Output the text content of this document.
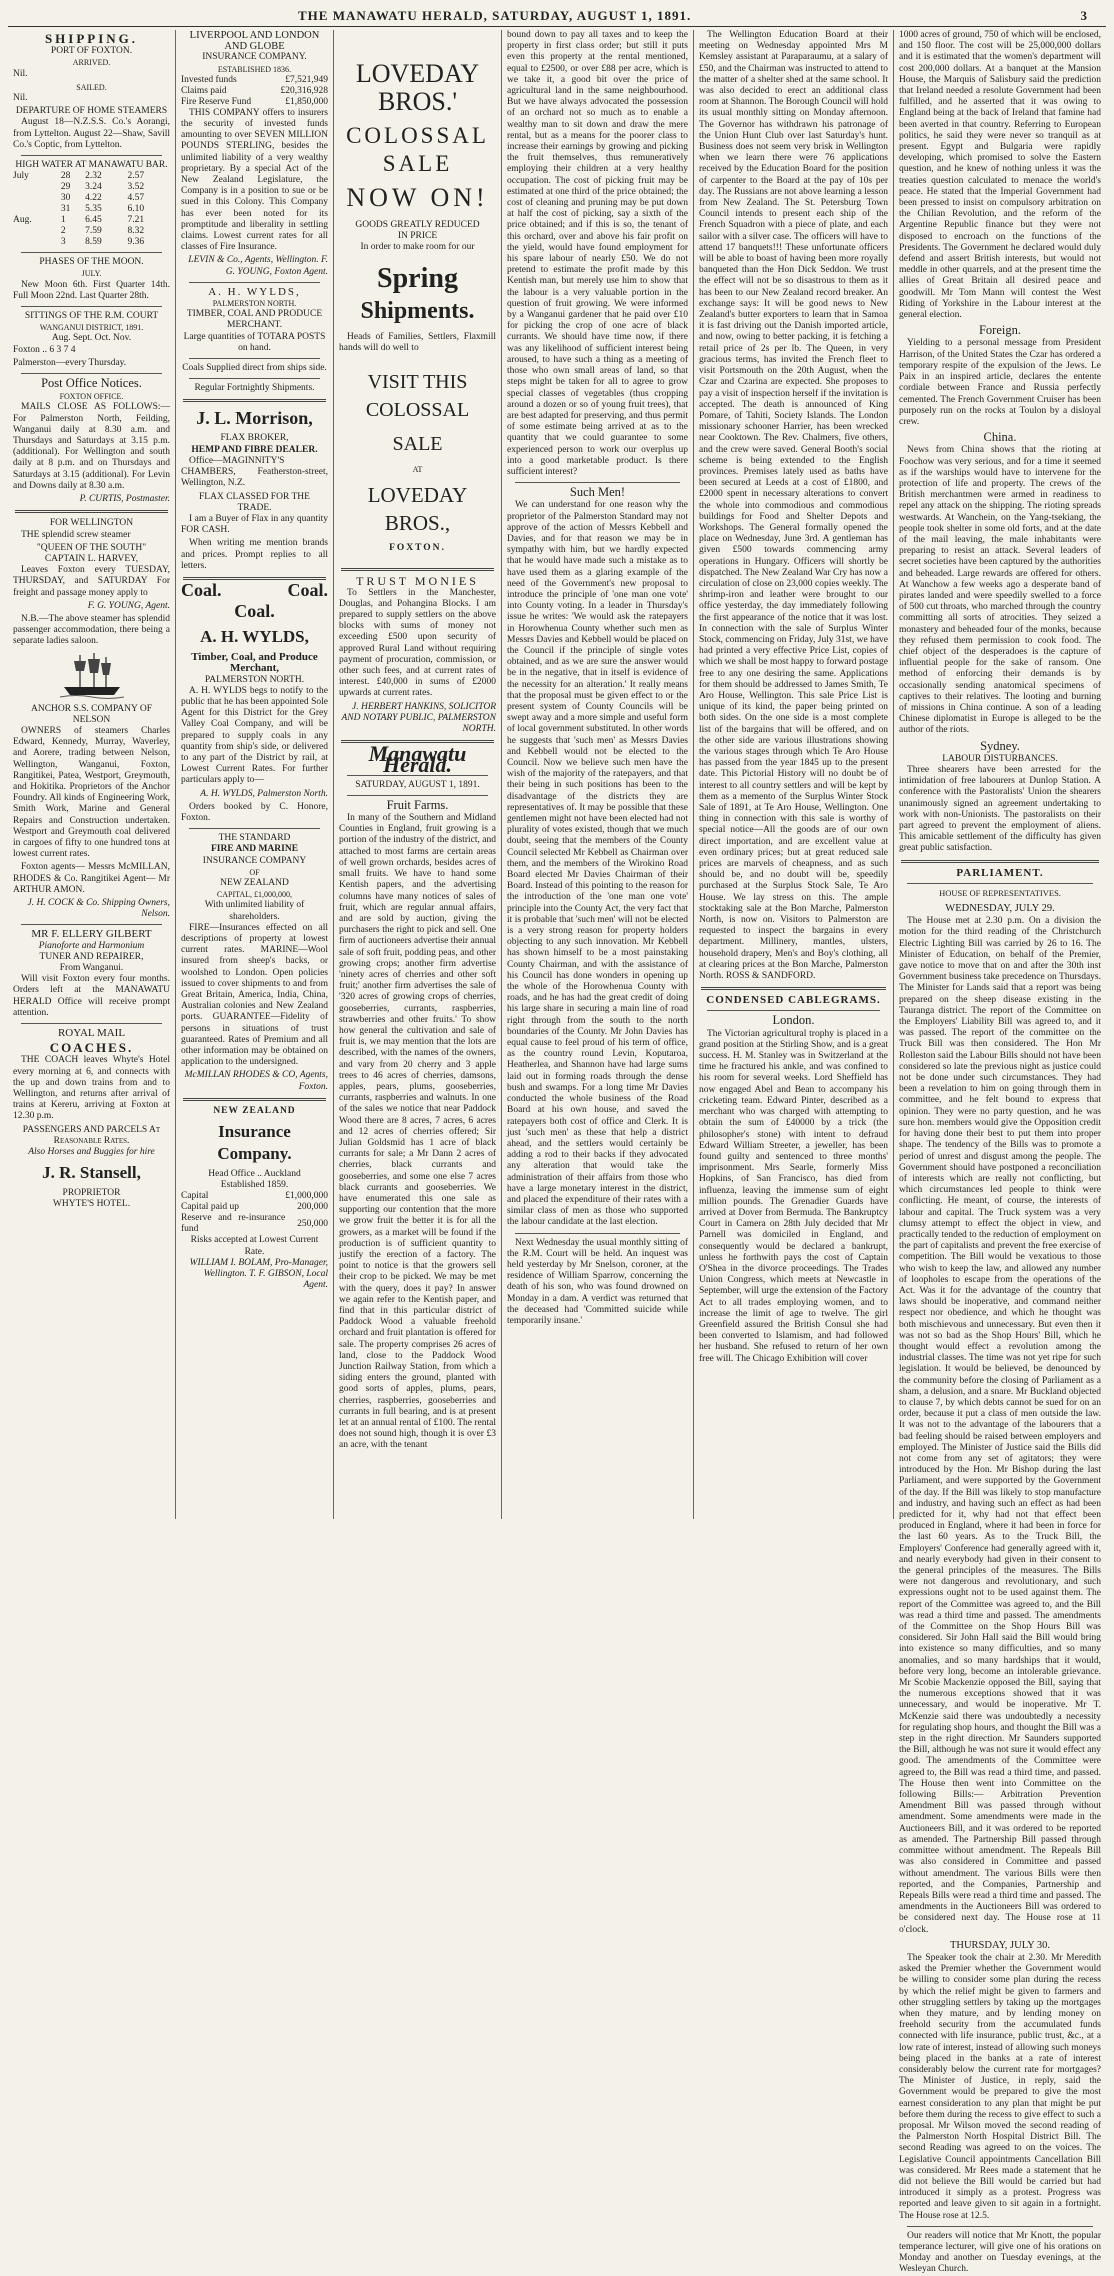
THE MANAWATU HERALD, SATURDAY, AUGUST 1, 1891.	3
SHIPPING.
PORT OF FOXTON.
ARRIVED.

Nil.

SAILED.

Nil.

DEPARTURE OF HOME STEAMERS

August 18—N.Z.S.S. Co.'s Aorangi, from Lyttelton. August 22—Shaw, Savill Co.'s Coptic, from Lyttelton.

HIGH WATER AT MANAWATU BAR.
July	28	2.32	2.57
	29	3.24	3.52
	30	4.22	4.57
	31	5.35	6.10
Aug.	1	6.45	7.21
	2	7.59	8.32
	3	8.59	9.36
PHASES OF THE MOON.
JULY.

New Moon 6th. First Quarter 14th. Full Moon 22nd. Last Quarter 28th.

SITTINGS OF THE R.M. COURT
WANGANUI DISTRICT, 1891.
Aug. Sept. Oct. Nov.

Foxton .. 6 3 7 4

Palmerston—every Thursday.

Post Office Notices.
FOXTON OFFICE.

MAILS CLOSE AS FOLLOWS:— For Palmerston North, Feilding, Wanganui daily at 8.30 a.m. and Thursdays and Saturdays at 3.15 p.m. (additional). For Wellington and south daily at 8 p.m. and on Thursdays and Saturdays at 3.15 (additional). For Levin and Downs daily at 8.30 a.m.

P. CURTIS, Postmaster.

FOR WELLINGTON

THE splendid screw steamer

"QUEEN OF THE SOUTH"
CAPTAIN L. HARVEY,

Leaves Foxton every TUESDAY, THURSDAY, and SATURDAY For freight and passage money apply to

F. G. YOUNG, Agent.

N.B.—The above steamer has splendid passenger accommodation, there being a separate ladies saloon.

ANCHOR S.S. COMPANY OF NELSON

OWNERS of steamers Charles Edward, Kennedy, Murray, Waverley, and Aorere, trading between Nelson, Wellington, Wanganui, Foxton, Rangitikei, Patea, Westport, Greymouth, and Hokitika. Proprietors of the Anchor Foundry. All kinds of Engineering Work, Smith Work, Marine and General Repairs and Construction undertaken. Westport and Greymouth coal delivered in cargoes of fifty to one hundred tons at lowest current rates.

Foxton agents— Messrs McMILLAN, RHODES & Co. Rangitikei Agent— Mr ARTHUR AMON.

J. H. COCK & Co. Shipping Owners, Nelson.

MR F. ELLERY GILBERT
Pianoforte and Harmonium
TUNER AND REPAIRER,
From Wanganui.

Will visit Foxton every four months. Orders left at the MANAWATU HERALD Office will receive prompt attention.

ROYAL MAIL
COACHES.

THE COACH leaves Whyte's Hotel every morning at 6, and connects with the up and down trains from and to Wellington, and returns after arrival of trains at Kereru, arriving at Foxton at 12.30 p.m.

PASSENGERS AND PARCELS At Reasonable Rates.
Also Horses and Buggies for hire
J. R. Stansell,
PROPRIETOR
WHYTE'S HOTEL.
LIVERPOOL AND LONDON AND GLOBE
INSURANCE COMPANY.
ESTABLISHED 1836.
Invested funds	£7,521,949
Claims paid	£20,316,928
Fire Reserve Fund	£1,850,000

THIS COMPANY offers to insurers the security of invested funds amounting to over SEVEN MILLION POUNDS STERLING, besides the unlimited liability of a very wealthy proprietary. By a special Act of the New Zealand Legislature, the Company is in a position to sue or be sued in this Colony. This Company has ever been noted for its promptitude and liberality in settling claims. Lowest current rates for all classes of Fire Insurance.

LEVIN & Co., Agents, Wellington. F. G. YOUNG, Foxton Agent.

A. H. WYLDS,
PALMERSTON NORTH.
TIMBER, COAL AND PRODUCE MERCHANT.
Large quantities of TOTARA POSTS on hand.
Coals Supplied direct from ships side.
Regular Fortnightly Shipments.
J. L. Morrison,
FLAX BROKER,
HEMP AND FIBRE DEALER.

Office—MAGINNITY'S CHAMBERS, Featherston-street, Wellington, N.Z.

FLAX CLASSED FOR THE TRADE.

I am a Buyer of Flax in any quantity FOR CASH.

When writing me mention brands and prices. Prompt replies to all letters.

Coal.	Coal.
Coal.
A. H. WYLDS,
Timber, Coal, and Produce Merchant,
PALMERSTON NORTH.

A. H. WYLDS begs to notify to the public that he has been appointed Sole Agent for this District for the Grey Valley Coal Company, and will be prepared to supply coals in any quantity from ship's side, or delivered to any part of the District by rail, at Lowest Current Rates. For further particulars apply to—

A. H. WYLDS, Palmerston North.

Orders booked by C. Honore, Foxton.

THE STANDARD
FIRE AND MARINE
INSURANCE COMPANY
OF
NEW ZEALAND
CAPITAL, £1,000,000,
With unlimited liability of shareholders.

FIRE—Insurances effected on all descriptions of property at lowest current rates. MARINE—Wool insured from sheep's backs, or woolshed to London. Open policies issued to cover shipments to and from Great Britain, America, India, China, Australian colonies and New Zealand ports. GUARANTEE—Fidelity of persons in situations of trust guaranteed. Rates of Premium and all other information may be obtained on application to the undersigned.

McMILLAN RHODES & CO, Agents, Foxton.

NEW ZEALAND
Insurance Company.
Head Office .. Auckland
Established 1859.
Capital	£1,000,000
Capital paid up	200,000
Reserve and re-insurance fund	250,000
Risks accepted at Lowest Current Rate.

WILLIAM I. BOLAM, Pro-Manager, Wellington. T. F. GIBSON, Local Agent.

LOVEDAY BROS.'
COLOSSAL SALE
NOW ON!
GOODS GREATLY REDUCED
IN PRICE
In order to make room for our
Spring
Shipments.

Heads of Families, Settlers, Flaxmill hands will do well to

VISIT THIS COLOSSAL
SALE
AT
LOVEDAY BROS.,
FOXTON.
TRUST MONIES

To Settlers in the Manchester, Douglas, and Pohangina Blocks. I am prepared to supply settlers on the above blocks with sums of money not exceeding £500 upon security of approved Rural Land without requiring payment of procuration, commission, or other such fees, and at current rates of interest. £40,000 in sums of £2000 upwards at current rates.

J. HERBERT HANKINS, SOLICITOR AND NOTARY PUBLIC, PALMERSTON NORTH.

Manawatu Herald.
SATURDAY, AUGUST 1, 1891.
Fruit Farms.

In many of the Southern and Midland Counties in England, fruit growing is a portion of the industry of the district, and attached to most farms are certain areas of well grown orchards, besides acres of small fruits. We have to hand some Kentish papers, and the advertising columns have many notices of sales of fruit, which are regular annual affairs, and are sold by auction, giving the purchasers the right to pick and sell. One firm of auctioneers advertise their annual sale of soft fruit, podding peas, and other growing crops; another firm advertise 'ninety acres of cherries and other soft fruit;' another firm advertises the sale of '320 acres of growing crops of cherries, gooseberries, currants, raspberries, strawberries and other fruits.' To show how general the cultivation and sale of fruit is, we may mention that the lots are described, with the names of the owners, and vary from 20 cherry and 3 apple trees to 46 acres of cherries, damsons, apples, pears, plums, gooseberries, currants, raspberries and walnuts. In one of the sales we notice that near Paddock Wood there are 8 acres, 7 acres, 6 acres and 12 acres of cherries offered; Sir Julian Goldsmid has 1 acre of black currants for sale; a Mr Dann 2 acres of cherries, black currants and gooseberries, and some one else 7 acres black currants and gooseberries. We have enumerated this one sale as supporting our contention that the more we grow fruit the better it is for all the growers, as a market will be found if the production is of sufficient quantity to justify the erection of a factory. The point to notice is that the growers sell their crop to be picked. We may be met with the query, does it pay? In answer we again refer to the Kentish paper, and find that in this particular district of Paddock Wood a valuable freehold orchard and fruit plantation is offered for sale. The property comprises 26 acres of land, close to the Paddock Wood Junction Railway Station, from which a siding enters the ground, planted with good sorts of apples, plums, pears, cherries, raspberries, gooseberries and currants in full bearing, and is at present let at an annual rental of £100. The rental does not sound high, though it is over £3 an acre, with the tenant

bound down to pay all taxes and to keep the property in first class order; but still it puts even this property at the rental mentioned, equal to £2500, or over £88 per acre, which is we take it, a good bit over the price of agricultural land in the same neighbourhood. But we have always advocated the possession of an orchard not so much as to enable a wealthy man to sit down and draw the mere rental, but as a means for the poorer class to increase their earnings by growing and picking the fruit themselves, thus remuneratively employing their children at a very healthy occupation. The cost of picking fruit may be estimated at one third of the price obtained; the cost of cleaning and pruning may be put down at half the cost of picking, say a sixth of the price obtained; and if this is so, the tenant of this orchard, over and above his fair profit on the yield, would have found employment for his spare labour of nearly £50. We do not pretend to estimate the profit made by this Kentish man, but merely use him to show that the labour is a very valuable portion in the question of fruit growing. We were informed by a Wanganui gardener that he paid over £10 for picking the crop of one acre of black currants. We should have time now, if there was any likelihood of sufficient interest being aroused, to have such a thing as a meeting of those who own small areas of land, so that steps might be taken for all to agree to grow special classes of vegetables (thus cropping around a dozen or so of young fruit trees), that are best adapted for preserving, and thus permit of some estimate being arrived at as to the quantity that we could guarantee to some experienced person to work our overplus up into a good marketable product. Is there sufficient interest?

Such Men!

We can understand for one reason why the proprietor of the Palmerston Standard may not approve of the action of Messrs Kebbell and Davies, and for that reason we may be in sympathy with him, but we hardly expected that he would have made such a mistake as to have used them as a glaring example of the need of the Government's new proposal to introduce the principle of 'one man one vote' into County voting. In a leader in Thursday's issue he writes: 'We would ask the ratepayers in Horowhenua County whether such men as Messrs Davies and Kebbell would be placed on the Council if the principle of single votes obtained, and as we are sure the answer would be in the negative, that in itself is evidence of the necessity for an alteration.' It really means that the proposal must be given effect to or the present system of County Councils will be swept away and a more simple and useful form of local government substituted. In other words he suggests that 'such men' as Messrs Davies and Kebbell would not be elected to the Council. Now we believe such men have the wish of the majority of the ratepayers, and that their being in such positions has been to the disadvantage of the districts they are representatives of. It may be possible that these gentlemen might not have been elected had not plurality of votes existed, though that we much doubt, seeing that the members of the County Council selected Mr Kebbell as Chairman over them, and the members of the Wirokino Road Board elected Mr Davies Chairman of their Board. Instead of this pointing to the reason for the introduction of the 'one man one vote' principle into the County Act, the very fact that it is probable that 'such men' will not be elected is a very strong reason for property holders objecting to any such innovation. Mr Kebbell has shown himself to be a most painstaking County Chairman, and with the assistance of his Council has done wonders in opening up the whole of the Horowhenua County with roads, and he has had the great credit of doing his large share in securing a main line of road right through from the south to the north boundaries of the County. Mr John Davies has equal cause to feel proud of his term of office, as the country round Levin, Koputaroa, Heatherlea, and Shannon have had large sums laid out in forming roads through the dense bush and swamps. For a long time Mr Davies conducted the whole business of the Road Board at his own house, and saved the ratepayers both cost of office and Clerk. It is just 'such men' as these that help a district ahead, and the settlers would certainly be adding a rod to their backs if they advocated any alteration that would take the administration of their affairs from those who have a large monetary interest in the district, and placed the expenditure of their rates with a similar class of men as those who supported the labour candidate at the last election.

Next Wednesday the usual monthly sitting of the R.M. Court will be held. An inquest was held yesterday by Mr Snelson, coroner, at the residence of William Sparrow, concerning the death of his son, who was found drowned on Monday in a dam. A verdict was returned that the deceased had 'Committed suicide while temporarily insane.'

The Wellington Education Board at their meeting on Wednesday appointed Mrs M Kemsley assistant at Paraparaumu, at a salary of £50, and the Chairman was instructed to attend to the matter of a shelter shed at the same school. It was also decided to erect an additional class room at Shannon. The Borough Council will hold its usual monthly sitting on Monday afternoon. The Governor has withdrawn his patronage of the Union Hunt Club over last Saturday's hunt. Business does not seem very brisk in Wellington when we learn there were 76 applications received by the Education Board for the position of carpenter to the Board at the pay of 10s per day. The Russians are not above learning a lesson from New Zealand. The St. Petersburg Town Council intends to present each ship of the French Squadron with a piece of plate, and each sailor with a silver case. The officers will have to attend 17 banquets!!! These unfortunate officers will be able to boast of having been more royally banqueted than the Hon Dick Seddon. We trust the effect will not be so disastrous to them as it has been to our New Zealand record breaker. An exchange says: It will be good news to New Zealand's butter exporters to learn that in Samoa it is fast driving out the Danish imported article, and now, owing to better packing, it is fetching a retail price of 2s per lb. The Queen, in very gracious terms, has invited the French fleet to visit Portsmouth on the 20th August, when the Czar and Czarina are expected. She proposes to pay a visit of inspection herself if the invitation is accepted. The death is announced of King Pomare, of Tahiti, Society Islands. The London missionary schooner Harrier, has been wrecked near Cooktown. The Rev. Chalmers, five others, and the crew were saved. General Booth's social scheme is being extended to the English provinces. Premises lately used as baths have been secured at Leeds at a cost of £1800, and £2000 spent in necessary alterations to convert the whole into commodious and commodious buildings for Food and Shelter Depots and Workshops. The General formally opened the place on Wednesday, June 3rd. A gentleman has given £500 towards commencing army operations in Hungary. Officers will shortly be dispatched. The New Zealand War Cry has now a circulation of close on 23,000 copies weekly. The shrimp-iron and leather were brought to our office yesterday, the day immediately following the first appearance of the notice that it was lost. In connection with the sale of Surplus Winter Stock, commencing on Friday, July 31st, we have had printed a very effective Price List, copies of which we shall be most happy to forward postage free to any one desiring the same. Applications for them should be addressed to James Smith, Te Aro House, Wellington. This sale Price List is unique of its kind, the paper being printed on both sides. On the one side is a most complete list of the bargains that will be offered, and on the other side are various illustrations showing the various stages through which Te Aro House has passed from the year 1845 up to the present date. This Pictorial History will no doubt be of interest to all country settlers and will be kept by them as a memento of the Surplus Winter Stock Sale of 1891, at Te Aro House, Wellington. One thing in connection with this sale is worthy of special notice—All the goods are of our own direct importation, and are excellent value at even ordinary prices; but at great reduced sale prices are marvels of cheapness, and as such should be, and no doubt will be, speedily purchased at the Surplus Stock Sale, Te Aro House. We lay stress on this. The ample stocktaking sale at the Bon Marche, Palmerston North, is now on. Visitors to Palmerston are requested to inspect the bargains in every department. Millinery, mantles, ulsters, household drapery, Men's and Boy's clothing, all at clearing prices at the Bon Marche, Palmerston North. ROSS & SANDFORD.

CONDENSED CABLEGRAMS.
London.

The Victorian agricultural trophy is placed in a grand position at the Stirling Show, and is a great success. H. M. Stanley was in Switzerland at the time he fractured his ankle, and was confined to his room for several weeks. Lord Sheffield has now engaged Abel and Bean to accompany his cricketing team. Edward Pinter, described as a merchant who was charged with attempting to obtain the sum of £40000 by a trick (the philosopher's stone) with intent to defraud Edward William Streeter, a jeweller, has been found guilty and sentenced to three months' imprisonment. Mrs Searle, formerly Miss Hopkins, of San Francisco, has died from influenza, leaving the immense sum of eight million pounds. The Grenadier Guards have arrived at Dover from Bermuda. The Bankruptcy Court in Camera on 28th July decided that Mr Parnell was domiciled in England, and consequently would be declared a bankrupt, unless he forthwith pays the cost of Captain O'Shea in the divorce proceedings. The Trades Union Congress, which meets at Newcastle in September, will urge the extension of the Factory Act to all trades employing women, and to increase the limit of age to twelve. The girl Greenfield assured the British Consul she had been converted to Islamism, and had followed her husband. She refused to return of her own free will. The Chicago Exhibition will cover

1000 acres of ground, 750 of which will be enclosed, and 150 floor. The cost will be 25,000,000 dollars and it is estimated that the women's department will cost 200,000 dollars. At a banquet at the Mansion House, the Marquis of Salisbury said the prediction that Ireland needed a resolute Government had been fulfilled, and he asserted that it was owing to England being at the back of Ireland that famine had been averted in that country. Referring to European politics, he said they were never so tranquil as at present. Egypt and Bulgaria were rapidly developing, which promised to solve the Eastern question, and he knew of nothing unless it was the treaties question calculated to menace the world's peace. He stated that the Imperial Government had been pressed to insist on compulsory arbitration on the Chilian Revolution, and the reform of the Argentine Republic finance but they were not disposed to encroach on the functions of the Presidents. The Government he declared would duly defend and assert British interests, but would not meddle in other quarrels, and at the present time the allies of Great Britain all desired peace and goodwill. Mr Tom Mann will contest the West Riding of Yorkshire in the Labour interest at the general election.

Foreign.

Yielding to a personal message from President Harrison, of the United States the Czar has ordered a temporary respite of the expulsion of the Jews. Le Paix in an inspired article, declares the entente cordiale between France and Russia perfectly cemented. The French Government Cruiser has been purposely run on the rocks at Toulon by a disloyal crew.

China.

News from China shows that the rioting at Foochow was very serious, and for a time it seemed as if the warships would have to intervene for the protection of life and property. The crews of the British merchantmen were armed in readiness to repel any attack on the shipping. The rioting spreads westwards. At Wanchein, on the Yang-tsekiang, the people took shelter in some old forts, and at the date of the mail leaving, the male inhabitants were preparing to resist an attack. Several leaders of secret societies have been captured by the authorities and beheaded. Large rewards are offered for others. At Wanchow a few weeks ago a desperate band of pirates landed and were speedily swelled to a force of 500 cut throats, who marched through the country committing all sorts of atrocities. They seized a monastery and beheaded four of the monks, because they refused them permission to cook food. The chief object of the desperadoes is the capture of influential people for the sake of ransom. One method of enforcing their demands is by occasionally sending anatomical specimens of captives to their relatives. The looting and burning of missions in China continue. A son of a leading Chinese diplomatist in Europe is alleged to be the author of the riots.

Sydney.
LABOUR DISTURBANCES.

Three shearers have been arrested for the intimidation of free labourers at Dunlop Station. A conference with the Pastoralists' Union the shearers unanimously signed an agreement undertaking to work with non-Unionists. The pastoralists on their part agreed to prevent the employment of aliens. This amicable settlement of the difficulty has given great public satisfaction.

PARLIAMENT.
HOUSE OF REPRESENTATIVES.
WEDNESDAY, JULY 29.

The House met at 2.30 p.m. On a division the motion for the third reading of the Christchurch Electric Lighting Bill was carried by 26 to 16. The Minister of Education, on behalf of the Premier, gave notice to move that on and after the 30th inst Government business take precedence on Thursdays. The Minister for Lands said that a report was being prepared on the sheep disease existing in the Tauranga district. The report of the Committee on the Employers' Liability Bill was agreed to, and it was passed. The report of the committee on the Truck Bill was then considered. The Hon Mr Rolleston said the Labour Bills should not have been considered so late the previous night as justice could not be done under such circumstances. They had been a revelation to him on going through them in committee, and he felt bound to express that opinion. They were no party question, and he was sure hon. members would give the Opposition credit for having done their best to put them into proper shape. The tendency of the Bills was to promote a period of unrest and disgust among the people. The Government should have postponed a reconciliation of interests which are really not conflicting, but which circumstances led people to think were conflicting. He meant, of course, the interests of labour and capital. The Truck system was a very clumsy attempt to effect the object in view, and practically tended to the reduction of employment on the part of capitalists and prevent the free exercise of competition. The Bill would be vexatious to those who wish to keep the law, and allowed any number of loopholes to escape from the operations of the Act. Was it for the advantage of the country that laws should be inoperative, and command neither respect nor obedience, and which he thought was both mischievous and unnecessary. But even then it was not so bad as the Shop Hours' Bill, which he thought would effect a revolution among the industrial classes. The time was not yet ripe for such legislation. It would be believed, be denounced by the community before the closing of Parliament as a sham, a delusion, and a snare. Mr Buckland objected to clause 7, by which debts cannot be sued for on an order, because it put a class of men outside the law. It was not to the advantage of the labourers that a bad feeling should be raised between employers and employed. The Minister of Justice said the Bills did not come from any set of agitators; they were introduced by the Hon. Mr Bishop during the last Parliament, and were supported by the Government of the day. If the Bill was likely to stop manufacture and industry, and having such an effect as had been predicted for it, why had not that effect been produced in England, where it had been in force for the last 60 years. As to the Truck Bill, the Employers' Conference had generally agreed with it, and nearly everybody had given in their consent to the general principles of the measures. The Bills were not dangerous and revolutionary, and such expressions ought not to be used against them. The report of the Committee was agreed to, and the Bill was read a third time and passed. The amendments of the Committee on the Shop Hours Bill was considered. Sir John Hall said the Bill would bring into existence so many difficulties, and so many anomalies, and so many hardships that it would, before very long, become an intolerable grievance. Mr Scobie Mackenzie opposed the Bill, saying that the numerous exceptions showed that it was unnecessary, and would be inoperative. Mr T. McKenzie said there was undoubtedly a necessity for regulating shop hours, and thought the Bill was a step in the right direction. Mr Saunders supported the Bill, although he was not sure it would effect any good. The amendments of the Committee were agreed to, the Bill was read a third time, and passed. The House then went into Committee on the following Bills:— Arbitration Prevention Amendment Bill was passed through without amendment. Some amendments were made in the Auctioneers Bill, and it was ordered to be reported as amended. The Partnership Bill passed through committee without amendment. The Repeals Bill was also considered in Committee and passed without amendment. The various Bills were then reported, and the Companies, Partnership and Repeals Bills were read a third time and passed. The amendments in the Auctioneers Bill was ordered to be considered next day. The House rose at 11 o'clock.

THURSDAY, JULY 30.

The Speaker took the chair at 2.30. Mr Meredith asked the Premier whether the Government would be willing to consider some plan during the recess by which the relief might be given to farmers and other struggling settlers by taking up the mortgages when they mature, and by lending money on freehold security from the accumulated funds connected with life insurance, public trust, &c., at a low rate of interest, instead of allowing such moneys being placed in the banks at a rate of interest considerably below the current rate for mortgages? The Minister of Justice, in reply, said the Government would be prepared to give the most earnest consideration to any plan that might be put before them during the recess to give effect to such a proposal. Mr Wilson moved the second reading of the Palmerston North Hospital District Bill. The second Reading was agreed to on the voices. The Legislative Council appointments Cancellation Bill was considered. Mr Rees made a statement that he did not believe the Bill would be carried but had introduced it simply as a protest. Progress was reported and leave given to sit again in a fortnight. The House rose at 12.5.

Our readers will notice that Mr Knott, the popular temperance lecturer, will give one of his orations on Monday and another on Tuesday evenings, at the Wesleyan Church.
